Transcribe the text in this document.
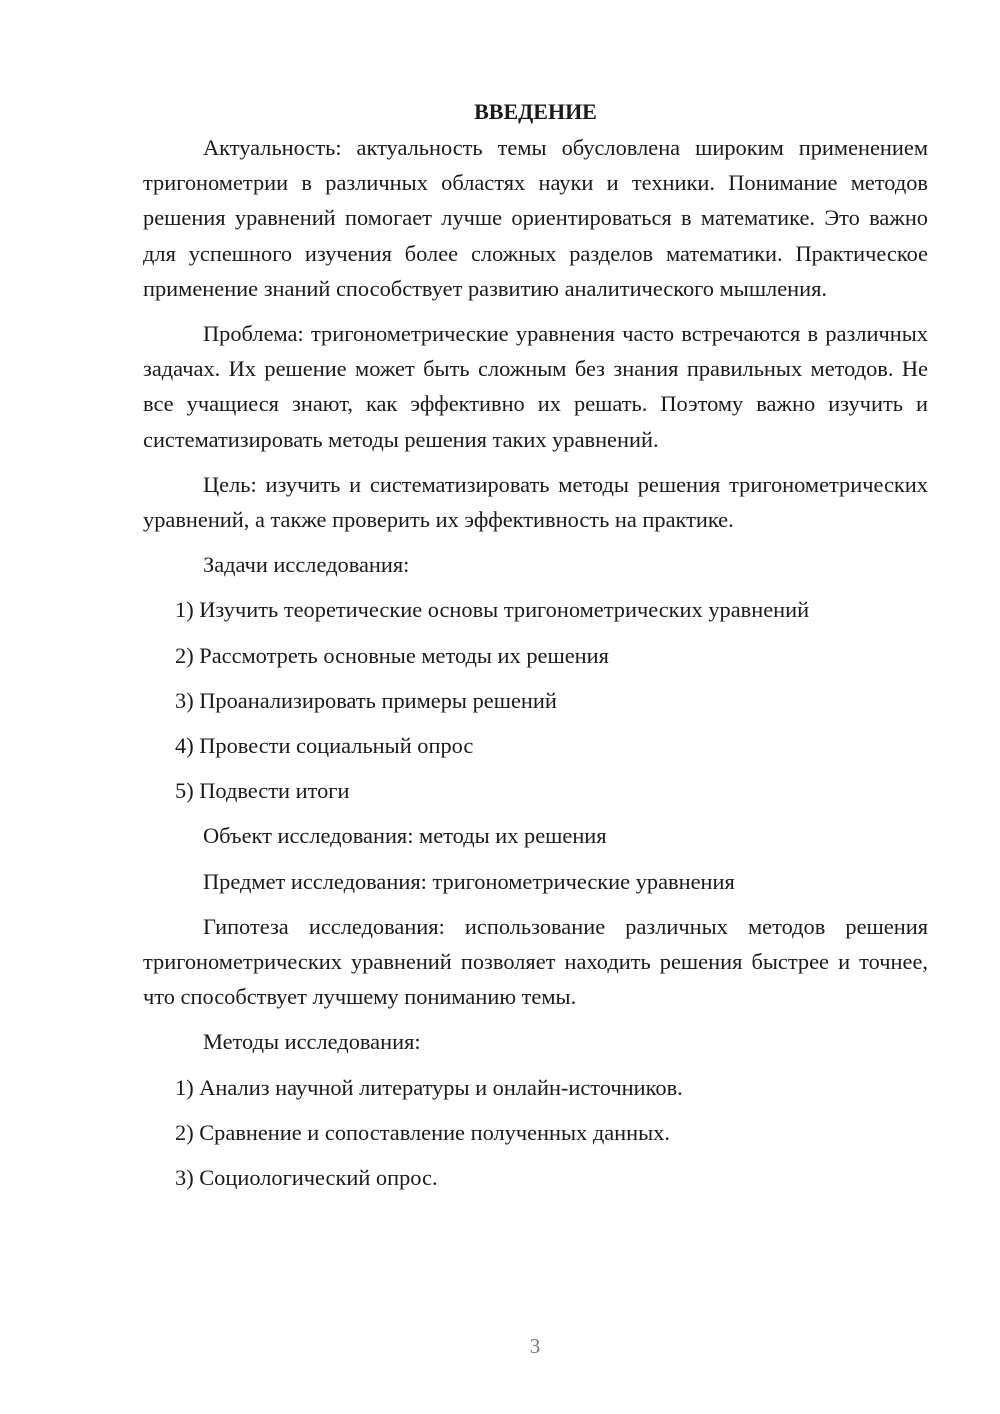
ВВЕДЕНИЕ

Актуальность: актуальность темы обусловлена широким применением тригонометрии в различных областях науки и техники. Понимание методов решения уравнений помогает лучше ориентироваться в математике. Это важно для успешного изучения более сложных разделов математики. Практическое применение знаний способствует развитию аналитического мышления.

Проблема: тригонометрические уравнения часто встречаются в различных задачах. Их решение может быть сложным без знания правильных методов. Не все учащиеся знают, как эффективно их решать. Поэтому важно изучить и систематизировать методы решения таких уравнений.

Цель: изучить и систематизировать методы решения тригонометрических уравнений, а также проверить их эффективность на практике.

Задачи исследования:
1) Изучить теоретические основы тригонометрических уравнений
2) Рассмотреть основные методы их решения
3) Проанализировать примеры решений
4) Провести социальный опрос
5) Подвести итоги
Объект исследования: методы их решения
Предмет исследования: тригонометрические уравнения

Гипотеза исследования: использование различных методов решения тригонометрических уравнений позволяет находить решения быстрее и точнее, что способствует лучшему пониманию темы.

Методы исследования:
1) Анализ научной литературы и онлайн-источников.
2) Сравнение и сопоставление полученных данных.
3) Социологический опрос.
3
